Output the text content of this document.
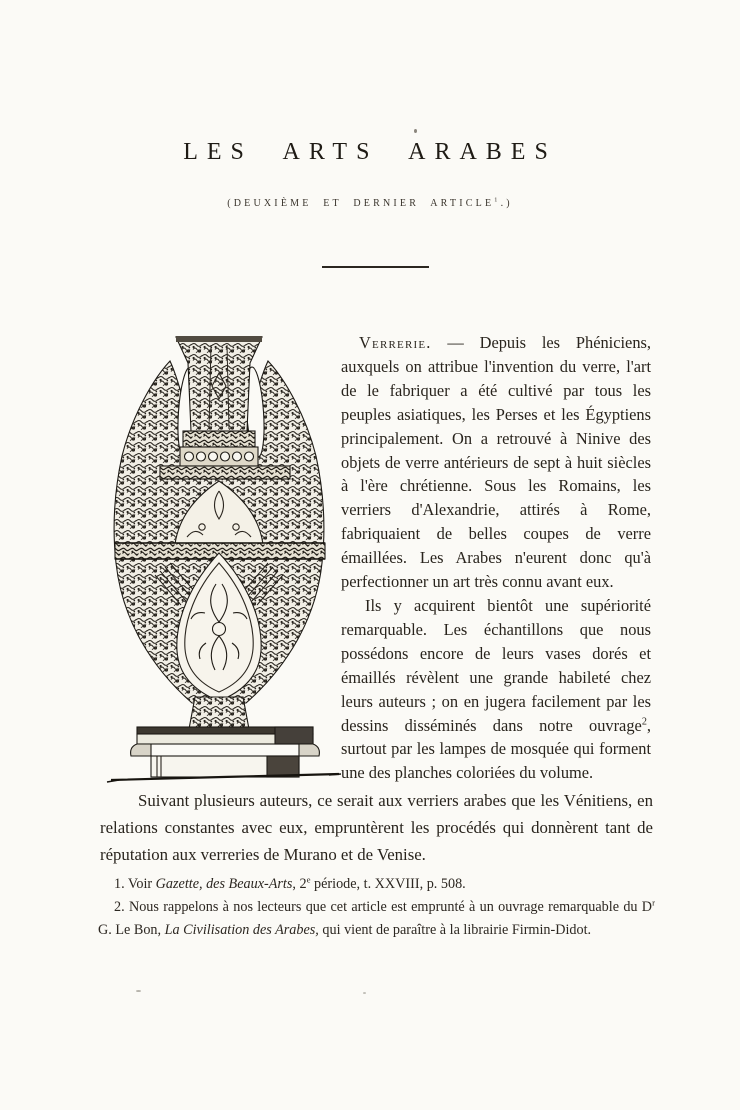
LES ARTS ARABES
(DEUXIÈME ET DERNIER ARTICLE$^1$.)

Verrerie. — Depuis les Phéniciens, auxquels on attribue l'invention du verre, l'art de le fabriquer a été cultivé par tous les peuples asiatiques, les Perses et les Égyptiens principalement. On a retrouvé à Ninive des objets de verre antérieurs de sept à huit siècles à l'ère chrétienne. Sous les Romains, les verriers d'Alexandrie, attirés à Rome, fabriquaient de belles coupes de verre émaillées. Les Arabes n'eurent donc qu'à perfectionner un art très connu avant eux.

Ils y acquirent bientôt une supériorité remarquable. Les échantillons que nous possédons encore de leurs vases dorés et émaillés révèlent une grande habileté chez leurs auteurs ; on en jugera facilement par les dessins disséminés dans notre ouvrage$^2$, surtout par les lampes de mosquée qui forment une des planches coloriées du volume.

Suivant plusieurs auteurs, ce serait aux verriers arabes que les Vénitiens, en relations constantes avec eux, empruntèrent les procédés qui donnèrent tant de réputation aux verreries de Murano et de Venise.

1. Voir Gazette, des Beaux-Arts, 2e période, t. XXVIII, p. 508.

2. Nous rappelons à nos lecteurs que cet article est emprunté à un ouvrage remarquable du $D^r$ G. Le Bon, La Civilisation des Arabes, qui vient de paraître à la librairie Firmin-Didot.
